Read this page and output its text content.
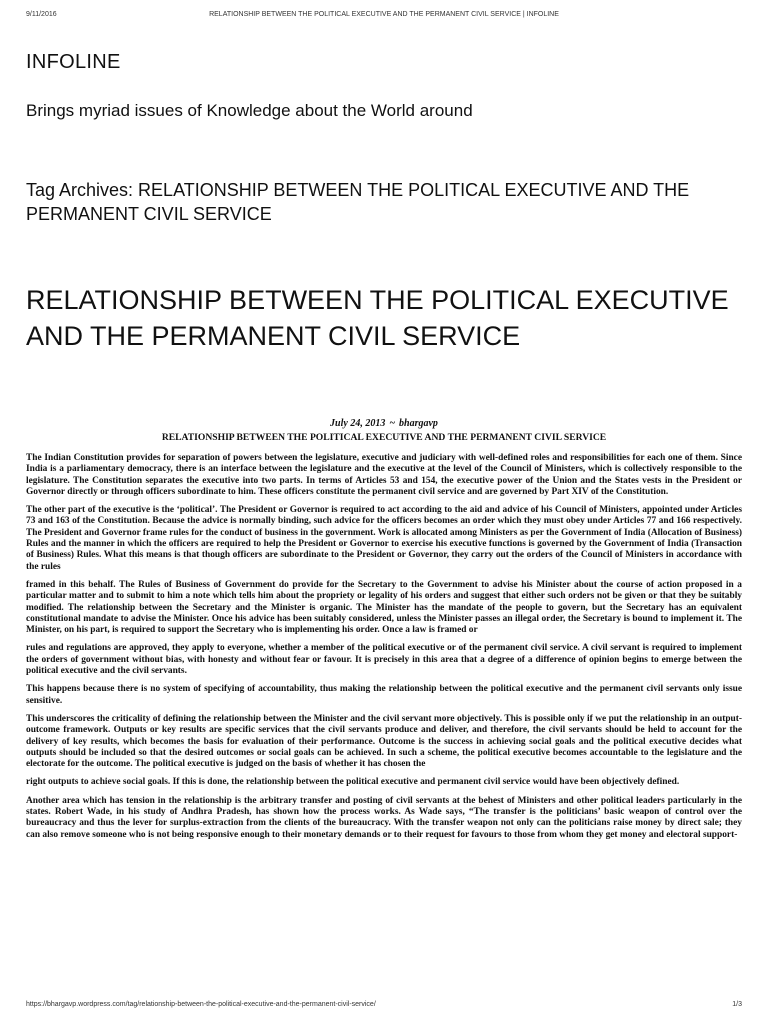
9/11/2016	RELATIONSHIP BETWEEN THE POLITICAL EXECUTIVE AND THE PERMANENT CIVIL SERVICE | INFOLINE
INFOLINE
Brings myriad issues of Knowledge about the World around
Tag Archives: RELATIONSHIP BETWEEN THE POLITICAL EXECUTIVE AND THE PERMANENT CIVIL SERVICE
RELATIONSHIP BETWEEN THE POLITICAL EXECUTIVE AND THE PERMANENT CIVIL SERVICE
July 24, 2013 ~ bhargavp
RELATIONSHIP BETWEEN THE POLITICAL EXECUTIVE AND THE PERMANENT CIVIL SERVICE

The Indian Constitution provides for separation of powers between the legislature, executive and judiciary with well-defined roles and responsibilities for each one of them. Since India is a parliamentary democracy, there is an interface between the legislature and the executive at the level of the Council of Ministers, which is collectively responsible to the legislature. The Constitution separates the executive into two parts. In terms of Articles 53 and 154, the executive power of the Union and the States vests in the President or Governor directly or through officers subordinate to him. These officers constitute the permanent civil service and are governed by Part XIV of the Constitution.

The other part of the executive is the ‘political’. The President or Governor is required to act according to the aid and advice of his Council of Ministers, appointed under Articles 73 and 163 of the Constitution. Because the advice is normally binding, such advice for the officers becomes an order which they must obey under Articles 77 and 166 respectively. The President and Governor frame rules for the conduct of business in the government. Work is allocated among Ministers as per the Government of India (Allocation of Business) Rules and the manner in which the officers are required to help the President or Governor to exercise his executive functions is governed by the Government of India (Transaction of Business) Rules. What this means is that though officers are subordinate to the President or Governor, they carry out the orders of the Council of Ministers in accordance with the rules

framed in this behalf. The Rules of Business of Government do provide for the Secretary to the Government to advise his Minister about the course of action proposed in a particular matter and to submit to him a note which tells him about the propriety or legality of his orders and suggest that either such orders not be given or that they be suitably modified. The relationship between the Secretary and the Minister is organic. The Minister has the mandate of the people to govern, but the Secretary has an equivalent constitutional mandate to advise the Minister. Once his advice has been suitably considered, unless the Minister passes an illegal order, the Secretary is bound to implement it. The Minister, on his part, is required to support the Secretary who is implementing his order. Once a law is framed or

rules and regulations are approved, they apply to everyone, whether a member of the political executive or of the permanent civil service. A civil servant is required to implement the orders of government without bias, with honesty and without fear or favour. It is precisely in this area that a degree of a difference of opinion begins to emerge between the political executive and the civil servants.

This happens because there is no system of specifying of accountability, thus making the relationship between the political executive and the permanent civil servants only issue sensitive.

This underscores the criticality of defining the relationship between the Minister and the civil servant more objectively. This is possible only if we put the relationship in an output-outcome framework. Outputs or key results are specific services that the civil servants produce and deliver, and therefore, the civil servants should be held to account for the delivery of key results, which becomes the basis for evaluation of their performance. Outcome is the success in achieving social goals and the political executive decides what outputs should be included so that the desired outcomes or social goals can be achieved. In such a scheme, the political executive becomes accountable to the legislature and the electorate for the outcome. The political executive is judged on the basis of whether it has chosen the

right outputs to achieve social goals. If this is done, the relationship between the political executive and permanent civil service would have been objectively defined.

Another area which has tension in the relationship is the arbitrary transfer and posting of civil servants at the behest of Ministers and other political leaders particularly in the states. Robert Wade, in his study of Andhra Pradesh, has shown how the process works. As Wade says, “The transfer is the politicians’ basic weapon of control over the bureaucracy and thus the lever for surplus-extraction from the clients of the bureaucracy. With the transfer weapon not only can the politicians raise money by direct sale; they can also remove someone who is not being responsive enough to their monetary demands or to their request for favours to those from whom they get money and electoral support-

https://bhargavp.wordpress.com/tag/relationship-between-the-political-executive-and-the-permanent-civil-service/	1/3
